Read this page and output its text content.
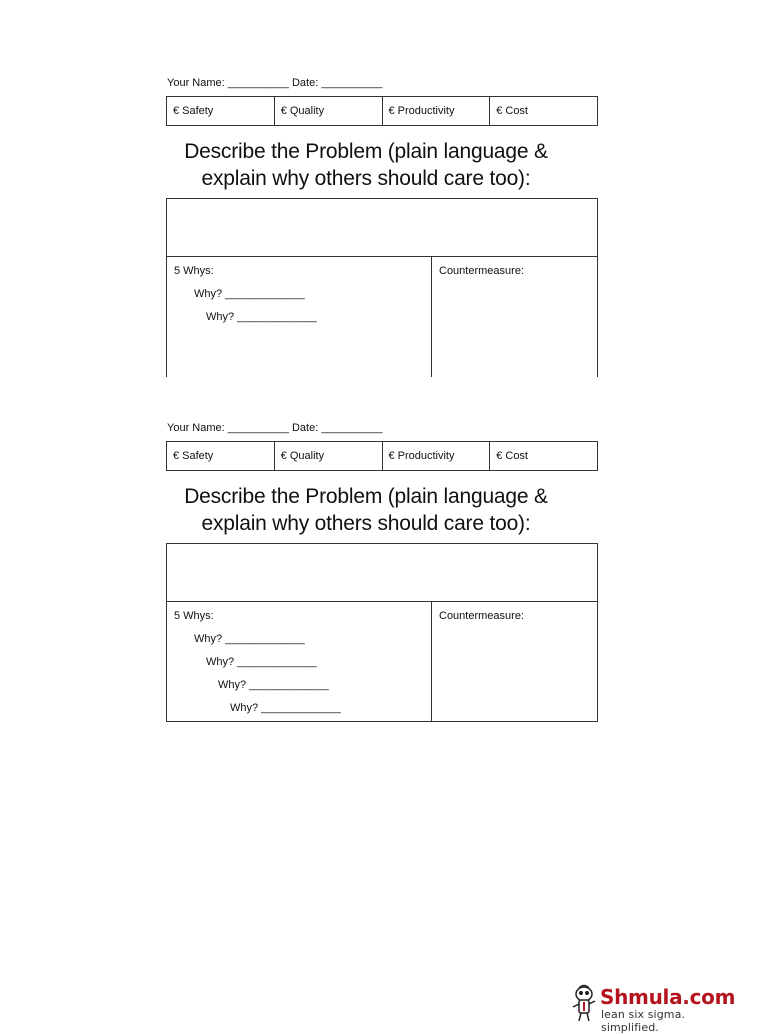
Your Name: __________ Date: __________
€ Safety	€ Quality	€ Productivity	€ Cost
Describe the Problem (plain language &
explain why others should care too):
5 Whys:
Why? _____________
Why? _____________
Countermeasure:
Your Name: __________ Date: __________
€ Safety	€ Quality	€ Productivity	€ Cost
Describe the Problem (plain language &
explain why others should care too):
5 Whys:
Why? _____________
Why? _____________
Why? _____________
Why? _____________
Countermeasure:
Shmula.com
lean six sigma. simplified.
